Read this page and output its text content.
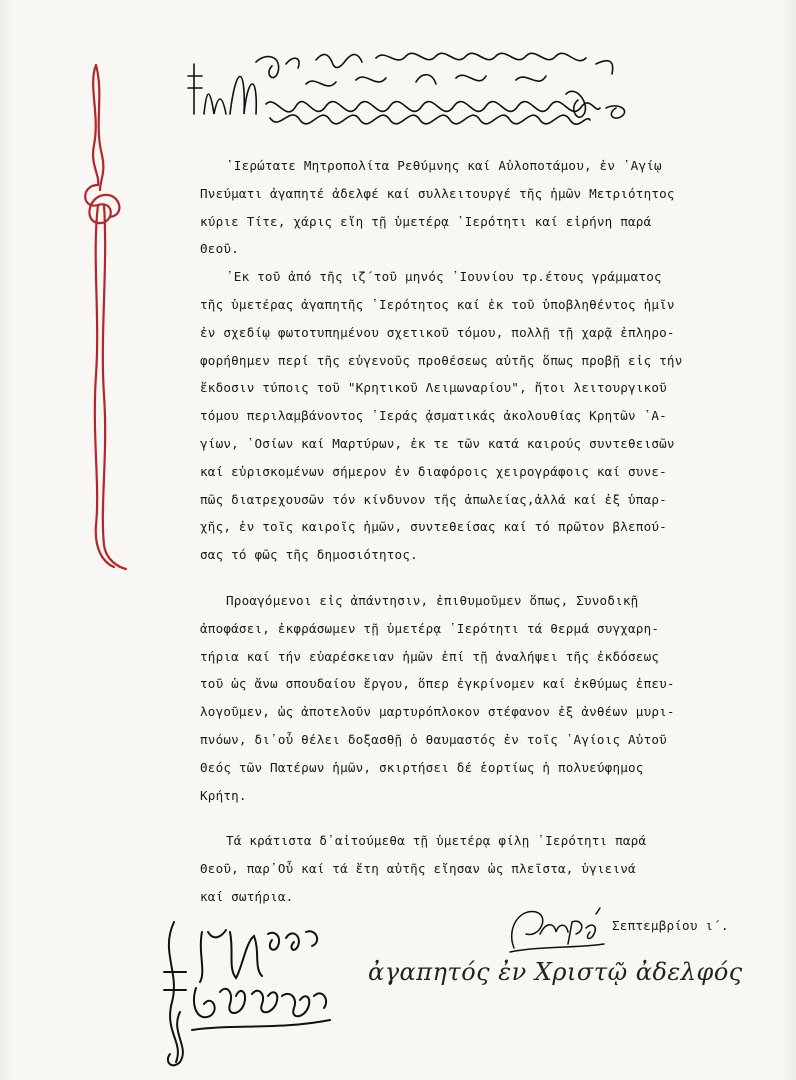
῾Ιερώτατε Μητροπολίτα Ρεθύμνης καί Αὐλοποτάμου, ἐν ῾Αγίῳ
Πνεύματι ἀγαπητέ ἀδελφέ καί συλλειτουργέ τῆς ἡμῶν Μετριότητος
κύριε Τίτε, χάρις εἴη τῇ ὑμετέρᾳ ῾Ιερότητι καί εἰρήνη παρά
Θεοῦ.
᾿Εκ τοῦ ἀπό τῆς ιζ΄τοῦ μηνός ᾿Ιουνίου τρ.έτους γράμματος
τῆς ὑμετέρας ἀγαπητῆς ῾Ιερότητος καί ἐκ τοῦ ὑποβληθέντος ἡμῖν
ἐν σχεδίῳ φωτοτυπημένου σχετικοῦ τόμου, πολλῇ τῇ χαρᾷ ἐπληρο-
φορήθημεν περί τῆς εὐγενοῦς προθέσεως αὐτῆς ὅπως προβῇ εἰς τήν
ἔκδοσιν τύποις τοῦ "Κρητικοῦ Λειμωναρίου", ἤτοι λειτουργικοῦ
τόμου περιλαμβάνοντος ῾Ιεράς ᾀσματικάς ἀκολουθίας Κρητῶν ῾Α-
γίων, ῾Οσίων καί Μαρτύρων, ἐκ τε τῶν κατά καιρούς συντεθεισῶν
καί εὑρισκομένων σήμερον ἐν διαφόροις χειρογράφοις καί συνε-
πῶς διατρεχουσῶν τόν κίνδυνον τῆς ἀπωλείας,ἀλλά καί ἐξ ὑπαρ-
χῆς, ἐν τοῖς καιροῖς ἡμῶν, συντεθείσας καί τό πρῶτον βλεπού-
σας τό φῶς τῆς δημοσιότητος.
Προαγόμενοι εἰς ἀπάντησιν, ἐπιθυμοῦμεν ὅπως, Συνοδικῇ
ἀποφάσει, ἐκφράσωμεν τῇ ὑμετέρᾳ ῾Ιερότητι τά θερμά συγχαρη-
τήρια καί τήν εὐαρέσκειαν ἡμῶν ἐπί τῇ ἀναλήψει τῆς ἐκδόσεως
τοῦ ὡς ἄνω σπουδαίου ἔργου, ὅπερ ἐγκρίνομεν καί ἐκθύμως ἐπευ-
λογοῦμεν, ὡς ἀποτελοῦν μαρτυρόπλοκον στέφανον ἐξ ἀνθέων μυρι-
πνόων, δι᾿οὗ θέλει δοξασθῇ ὁ θαυμαστός ἐν τοῖς ῾Αγίοις Αὐτοῦ
Θεός τῶν Πατέρων ἡμῶν, σκιρτήσει δέ ἑορτίως ἡ πολυεύφημος
Κρήτη.
Τά κράτιστα δ᾿αἰτούμεθα τῇ ὑμετέρᾳ φίλῃ ῾Ιερότητι παρά
Θεοῦ, παρ᾿Οὗ καί τά ἔτη αὐτῆς εἴησαν ὡς πλεῖστα, ὑγιεινά
καί σωτήρια.
Σεπτεμβρίου ι΄.
ἀγαπητός ἐν Χριστῷ ἀδελφός
